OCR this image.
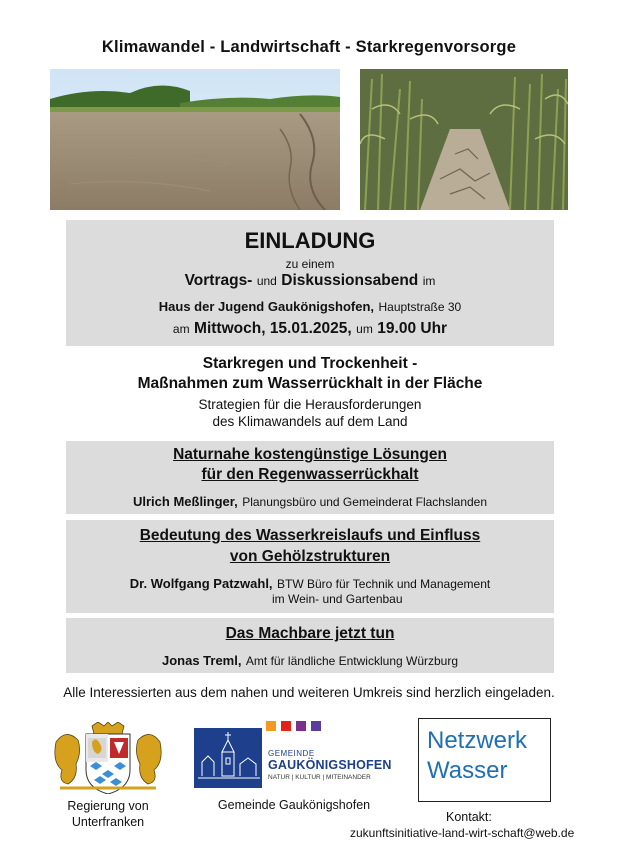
Klimawandel - Landwirtschaft - Starkregenvorsorge
EINLADUNG
zu einem
Vortrags- und Diskussionsabend im
Haus der Jugend Gaukönigshofen, Hauptstraße 30
am Mittwoch, 15.01.2025, um 19.00 Uhr
Starkregen und Trockenheit -
Maßnahmen zum Wasserrückhalt in der Fläche
Strategien für die Herausforderungen
des Klimawandels auf dem Land
Naturnahe kostengünstige Lösungen
für den Regenwasserrückhalt
Ulrich Meßlinger, Planungsbüro und Gemeinderat Flachslanden
Bedeutung des Wasserkreislaufs und Einfluss
von Gehölzstrukturen
Dr. Wolfgang Patzwahl, BTW Büro für Technik und Management
im Wein- und Gartenbau
Das Machbare jetzt tun
Jonas Treml, Amt für ländliche Entwicklung Würzburg
Alle Interessierten aus dem nahen und weiteren Umkreis sind herzlich eingeladen.
Regierung von
Unterfranken
GEMEINDE
GAUKÖNIGSHOFEN
NATUR | KULTUR | MITEINANDER
Gemeinde Gaukönigshofen
Netzwerk
Wasser
Kontakt:
zukunftsinitiative-land-wirt-schaft@web.de
